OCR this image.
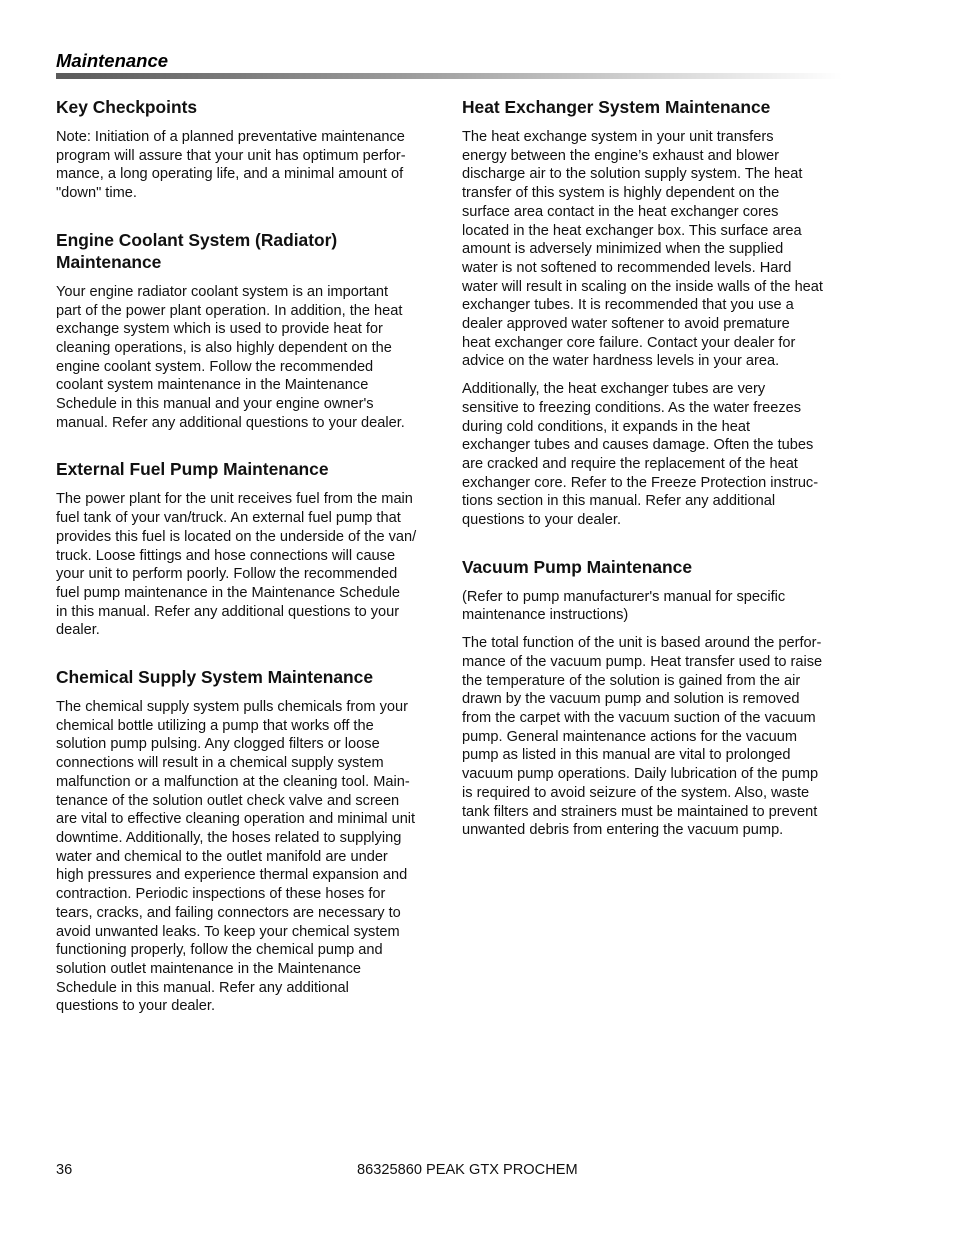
Maintenance
Key Checkpoints

Note: Initiation of a planned preventative maintenance
program will assure that your unit has optimum perfor-
mance, a long operating life, and a minimal amount of
"down" time.

Engine Coolant System (Radiator)
Maintenance

Your engine radiator coolant system is an important
part of the power plant operation. In addition, the heat
exchange system which is used to provide heat for
cleaning operations, is also highly dependent on the
engine coolant system. Follow the recommended
coolant system maintenance in the Maintenance
Schedule in this manual and your engine owner's
manual. Refer any additional questions to your dealer.

External Fuel Pump Maintenance

The power plant for the unit receives fuel from the main
fuel tank of your van/truck. An external fuel pump that
provides this fuel is located on the underside of the van/
truck. Loose fittings and hose connections will cause
your unit to perform poorly. Follow the recommended
fuel pump maintenance in the Maintenance Schedule
in this manual. Refer any additional questions to your
dealer.

Chemical Supply System Maintenance

The chemical supply system pulls chemicals from your
chemical bottle utilizing a pump that works off the
solution pump pulsing. Any clogged filters or loose
connections will result in a chemical supply system
malfunction or a malfunction at the cleaning tool. Main-
tenance of the solution outlet check valve and screen
are vital to effective cleaning operation and minimal unit
downtime. Additionally, the hoses related to supplying
water and chemical to the outlet manifold are under
high pressures and experience thermal expansion and
contraction. Periodic inspections of these hoses for
tears, cracks, and failing connectors are necessary to
avoid unwanted leaks. To keep your chemical system
functioning properly, follow the chemical pump and
solution outlet maintenance in the Maintenance
Schedule in this manual. Refer any additional
questions to your dealer.

Heat Exchanger System Maintenance

The heat exchange system in your unit transfers
energy between the engine’s exhaust and blower
discharge air to the solution supply system. The heat
transfer of this system is highly dependent on the
surface area contact in the heat exchanger cores
located in the heat exchanger box. This surface area
amount is adversely minimized when the supplied
water is not softened to recommended levels. Hard
water will result in scaling on the inside walls of the heat
exchanger tubes. It is recommended that you use a
dealer approved water softener to avoid premature
heat exchanger core failure. Contact your dealer for
advice on the water hardness levels in your area.

Additionally, the heat exchanger tubes are very
sensitive to freezing conditions. As the water freezes
during cold conditions, it expands in the heat
exchanger tubes and causes damage. Often the tubes
are cracked and require the replacement of the heat
exchanger core. Refer to the Freeze Protection instruc-
tions section in this manual. Refer any additional
questions to your dealer.

Vacuum Pump Maintenance

(Refer to pump manufacturer's manual for specific
maintenance instructions)

The total function of the unit is based around the perfor-
mance of the vacuum pump. Heat transfer used to raise
the temperature of the solution is gained from the air
drawn by the vacuum pump and solution is removed
from the carpet with the vacuum suction of the vacuum
pump. General maintenance actions for the vacuum
pump as listed in this manual are vital to prolonged
vacuum pump operations. Daily lubrication of the pump
is required to avoid seizure of the system. Also, waste
tank filters and strainers must be maintained to prevent
unwanted debris from entering the vacuum pump.

36	86325860 PEAK GTX PROCHEM
